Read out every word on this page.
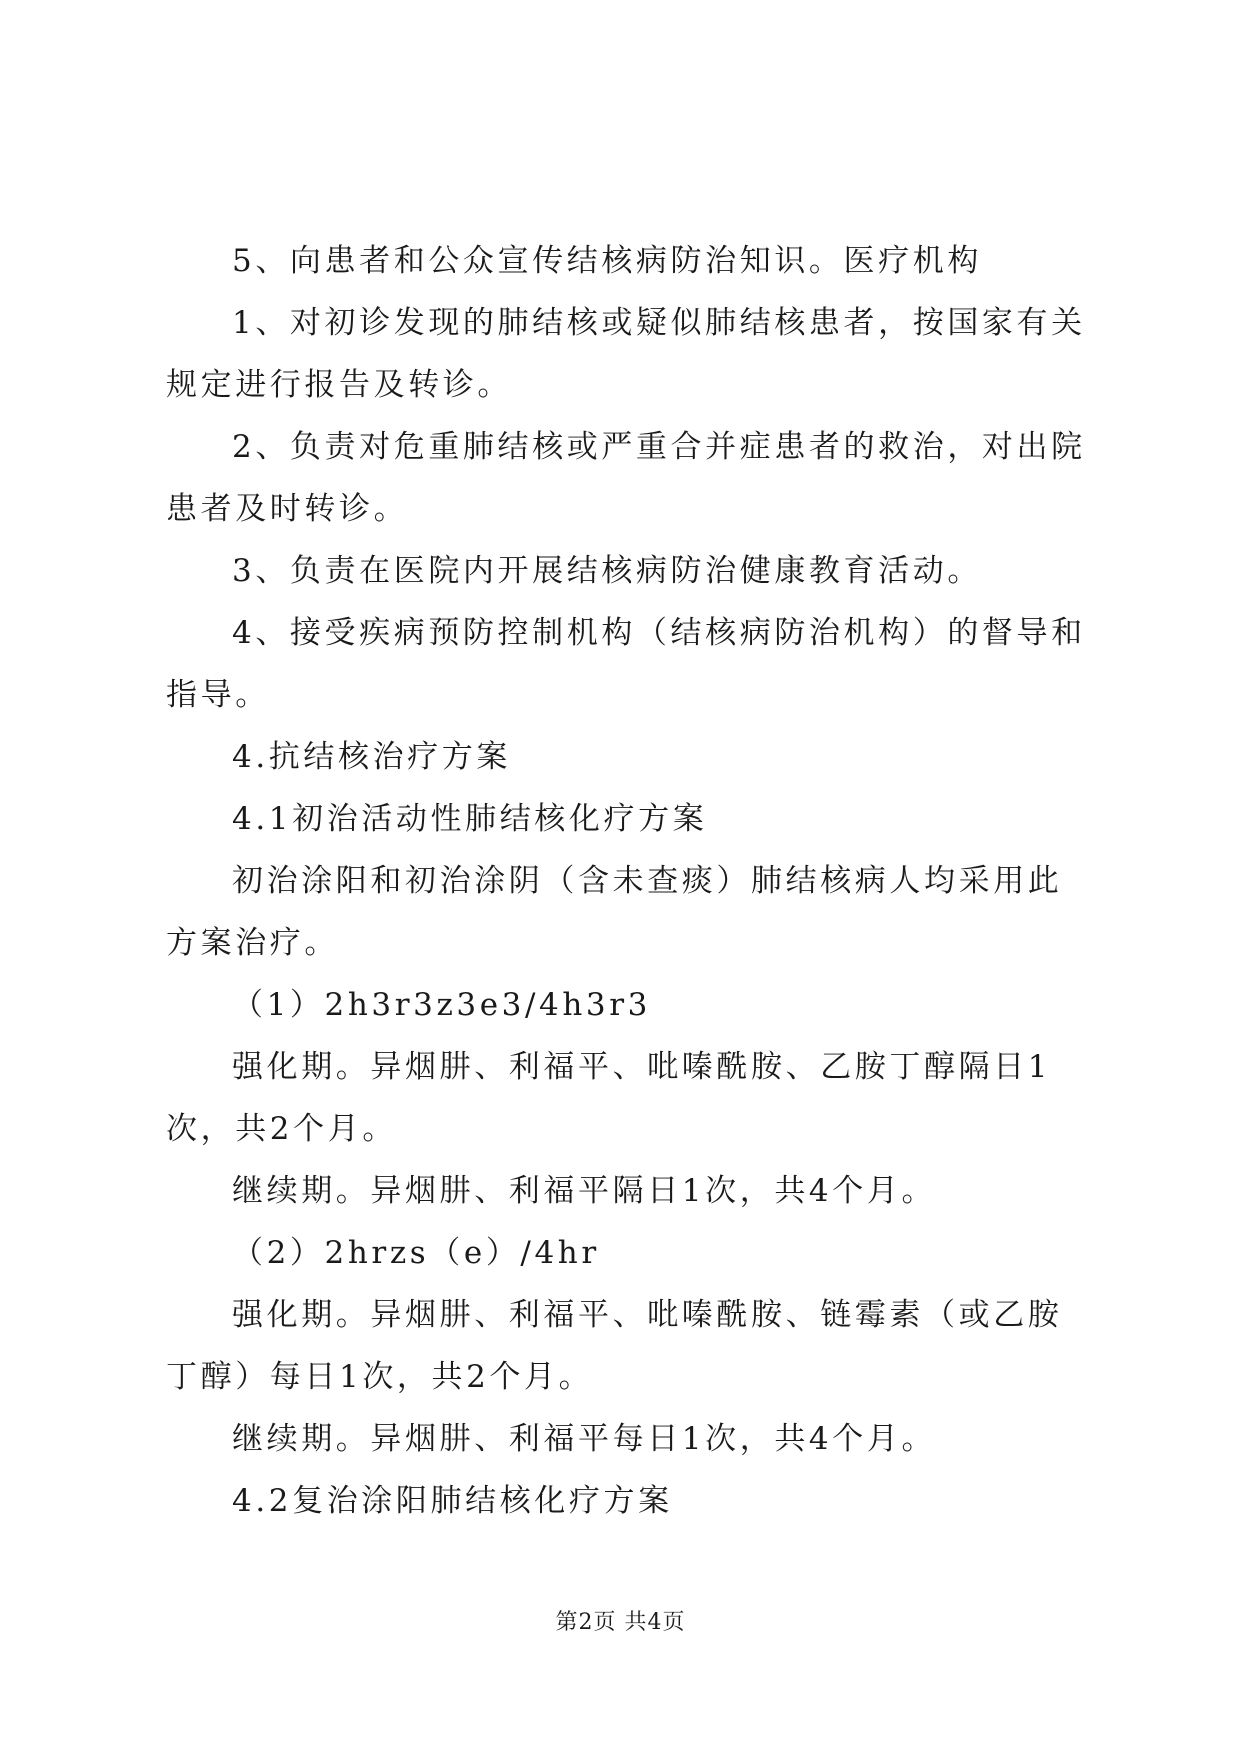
5、向患者和公众宣传结核病防治知识。医疗机构

1、对初诊发现的肺结核或疑似肺结核患者，按国家有关规定进行报告及转诊。

2、负责对危重肺结核或严重合并症患者的救治，对出院患者及时转诊。

3、负责在医院内开展结核病防治健康教育活动。

4、接受疾病预防控制机构（结核病防治机构）的督导和指导。

4.抗结核治疗方案

4.1初治活动性肺结核化疗方案

初治涂阳和初治涂阴（含未查痰）肺结核病人均采用此方案治疗。

（1）2h3r3z3e3/4h3r3

强化期。异烟肼、利福平、吡嗪酰胺、乙胺丁醇隔日1次，共2个月。

继续期。异烟肼、利福平隔日1次，共4个月。

（2）2hrzs（e）/4hr

强化期。异烟肼、利福平、吡嗪酰胺、链霉素（或乙胺丁醇）每日1次，共2个月。

继续期。异烟肼、利福平每日1次，共4个月。

4.2复治涂阳肺结核化疗方案

第2页 共4页
